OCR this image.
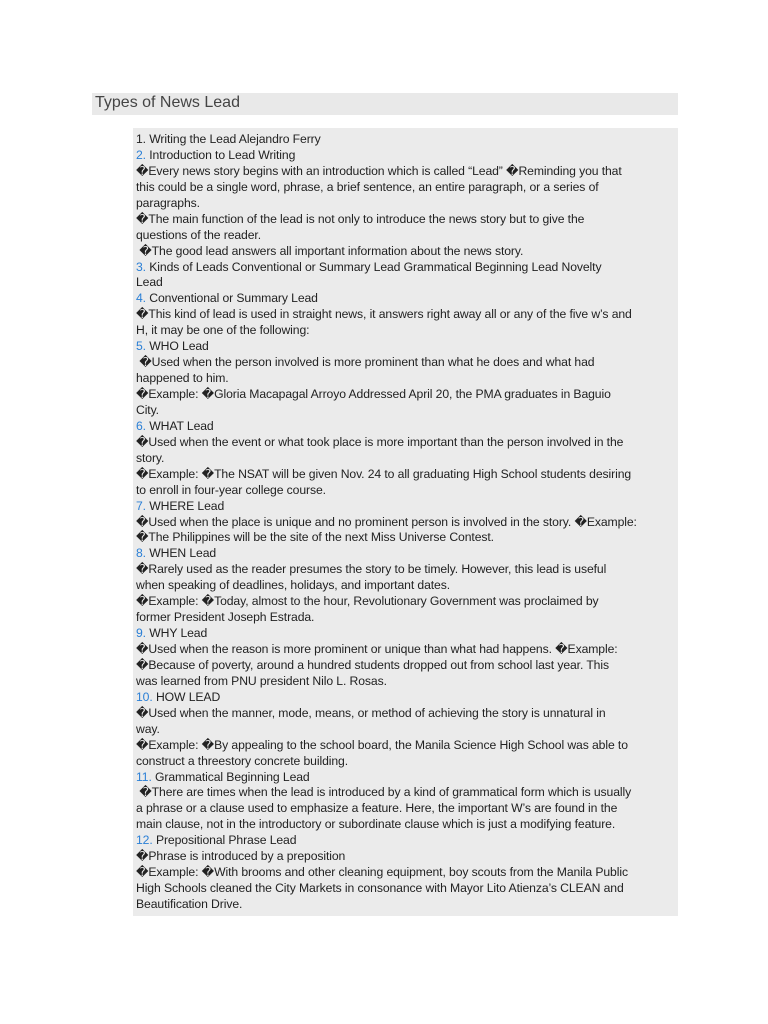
Types of News Lead
1. Writing the Lead Alejandro Ferry
2. Introduction to Lead Writing
�Every news story begins with an introduction which is called “Lead” �Reminding you that
this could be a single word, phrase, a brief sentence, an entire paragraph, or a series of
paragraphs.
�The main function of the lead is not only to introduce the news story but to give the
questions of the reader.
�The good lead answers all important information about the news story.
3. Kinds of Leads Conventional or Summary Lead Grammatical Beginning Lead Novelty
Lead
4. Conventional or Summary Lead
�This kind of lead is used in straight news, it answers right away all or any of the five w’s and
H, it may be one of the following:
5. WHO Lead
�Used when the person involved is more prominent than what he does and what had
happened to him.
�Example: �Gloria Macapagal Arroyo Addressed April 20, the PMA graduates in Baguio
City.
6. WHAT Lead
�Used when the event or what took place is more important than the person involved in the
story.
�Example: �The NSAT will be given Nov. 24 to all graduating High School students desiring
to enroll in four-year college course.
7. WHERE Lead
�Used when the place is unique and no prominent person is involved in the story. �Example:
�The Philippines will be the site of the next Miss Universe Contest.
8. WHEN Lead
�Rarely used as the reader presumes the story to be timely. However, this lead is useful
when speaking of deadlines, holidays, and important dates.
�Example: �Today, almost to the hour, Revolutionary Government was proclaimed by
former President Joseph Estrada.
9. WHY Lead
�Used when the reason is more prominent or unique than what had happens. �Example:
�Because of poverty, around a hundred students dropped out from school last year. This
was learned from PNU president Nilo L. Rosas.
10. HOW LEAD
�Used when the manner, mode, means, or method of achieving the story is unnatural in
way.
�Example: �By appealing to the school board, the Manila Science High School was able to
construct a threestory concrete building.
11. Grammatical Beginning Lead
�There are times when the lead is introduced by a kind of grammatical form which is usually
a phrase or a clause used to emphasize a feature. Here, the important W’s are found in the
main clause, not in the introductory or subordinate clause which is just a modifying feature.
12. Prepositional Phrase Lead
�Phrase is introduced by a preposition
�Example: �With brooms and other cleaning equipment, boy scouts from the Manila Public
High Schools cleaned the City Markets in consonance with Mayor Lito Atienza’s CLEAN and
Beautification Drive.
